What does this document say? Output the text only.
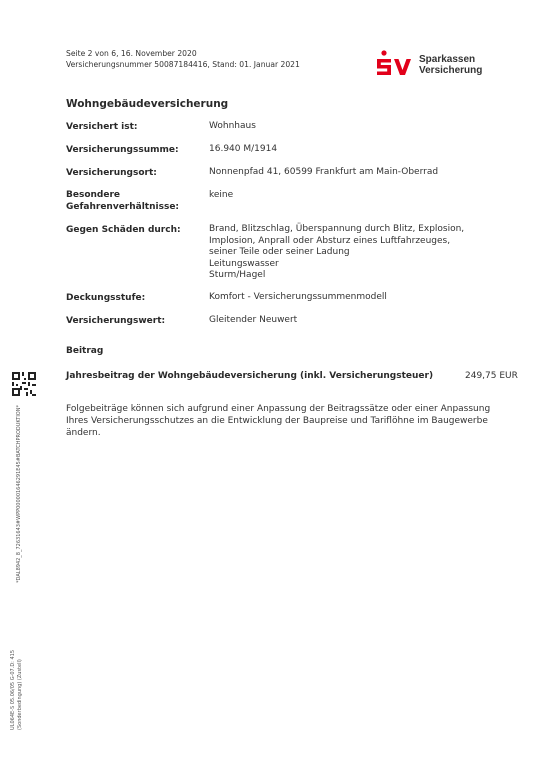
Seite 2 von 6, 16. November 2020
Versicherungsnummer 50087184416, Stand: 01. Januar 2021	Sparkassen
Versicherung
Wohngebäudeversicherung
Versichert ist:	Wohnhaus
Versicherungssumme:	16.940 M/1914
Versicherungsort:	Nonnenpfad 41, 60599 Frankfurt am Main-Oberrad
Besondere
Gefahrenverhältnisse:
keine
Gegen Schäden durch:	Brand, Blitzschlag, Überspannung durch Blitz, Explosion,
Implosion, Anprall oder Absturz eines Luftfahrzeuges,
seiner Teile oder seiner Ladung
Leitungswasser
Sturm/Hagel
Deckungsstufe:	Komfort - Versicherungssummenmodell
Versicherungswert:	Gleitender Neuwert
Beitrag
Jahresbeitrag der Wohngebäudeversicherung (inkl. Versicherungsteuer)	249,75 EUR
Folgebeiträge können sich aufgrund einer Anpassung der Beitragssätze oder einer Anpassung Ihres Versicherungsschutzes an die Entwicklung der Baupreise und Tariflöhne im Baugewerbe ändern.
*DAL8942_8_72631643#WPP000001646291E45#BATCHPRODUKTION*
UL064E-S 05.06/05 G-07.D: 415
(Sonderbedingung) (Zustell)
